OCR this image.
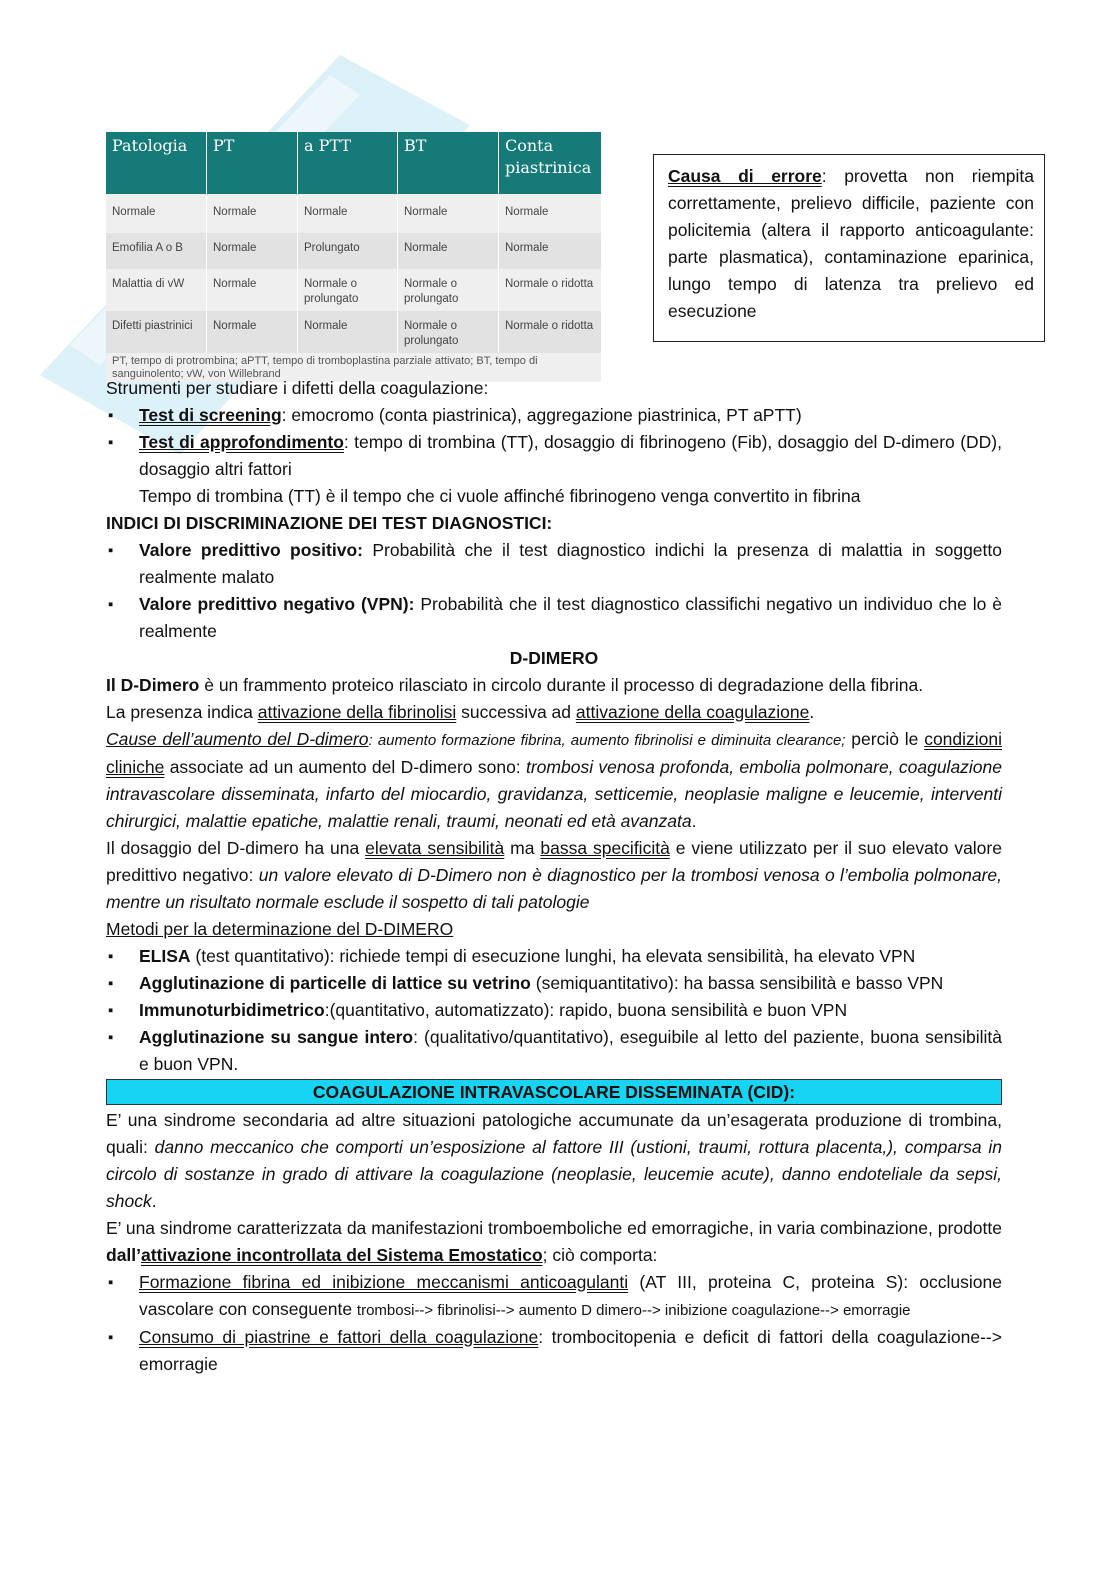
Patologia	PT	a PTT	BT	Conta piastrinica
Normale	Normale	Normale	Normale	Normale
Emofilia A o B	Normale	Prolungato	Normale	Normale
Malattia di vW	Normale	Normale o prolungato	Normale o prolungato	Normale o ridotta
Difetti piastrinici	Normale	Normale	Normale o prolungato	Normale o ridotta
PT, tempo di protrombina; aPTT, tempo di tromboplastina parziale attivato; BT, tempo di sanguinolento; vW, von Willebrand				
Causa di errore: provetta non riempita correttamente, prelievo difficile, paziente con policitemia (altera il rapporto anticoagulante: parte plasmatica), contaminazione eparinica, lungo tempo di latenza tra prelievo ed esecuzione

Strumenti per studiare i difetti della coagulazione:

▪ Test di screening: emocromo (conta piastrinica), aggregazione piastrinica, PT aPTT)
▪ Test di approfondimento: tempo di trombina (TT), dosaggio di fibrinogeno (Fib), dosaggio del D-dimero (DD), dosaggio altri fattori

Tempo di trombina (TT) è il tempo che ci vuole affinché fibrinogeno venga convertito in fibrina

INDICI DI DISCRIMINAZIONE DEI TEST DIAGNOSTICI:

▪ Valore predittivo positivo: Probabilità che il test diagnostico indichi la presenza di malattia in soggetto realmente malato
▪ Valore predittivo negativo (VPN): Probabilità che il test diagnostico classifichi negativo un individuo che lo è realmente

D-DIMERO

Il D-Dimero è un frammento proteico rilasciato in circolo durante il processo di degradazione della fibrina.

La presenza indica attivazione della fibrinolisi successiva ad attivazione della coagulazione.

Cause dell’aumento del D-dimero: aumento formazione fibrina, aumento fibrinolisi e diminuita clearance; perciò le condizioni cliniche associate ad un aumento del D-dimero sono: trombosi venosa profonda, embolia polmonare, coagulazione intravascolare disseminata, infarto del miocardio, gravidanza, setticemie, neoplasie maligne e leucemie, interventi chirurgici, malattie epatiche, malattie renali, traumi, neonati ed età avanzata.

Il dosaggio del D-dimero ha una elevata sensibilità ma bassa specificità e viene utilizzato per il suo elevato valore predittivo negativo: un valore elevato di D-Dimero non è diagnostico per la trombosi venosa o l’embolia polmonare, mentre un risultato normale esclude il sospetto di tali patologie

Metodi per la determinazione del D-DIMERO

▪ ELISA (test quantitativo): richiede tempi di esecuzione lunghi, ha elevata sensibilità, ha elevato VPN
▪ Agglutinazione di particelle di lattice su vetrino (semiquantitativo): ha bassa sensibilità e basso VPN
▪ Immunoturbidimetrico:(quantitativo, automatizzato): rapido, buona sensibilità e buon VPN
▪ Agglutinazione su sangue intero: (qualitativo/quantitativo), eseguibile al letto del paziente, buona sensibilità e buon VPN.
COAGULAZIONE INTRAVASCOLARE DISSEMINATA (CID):

E’ una sindrome secondaria ad altre situazioni patologiche accumunate da un’esagerata produzione di trombina, quali: danno meccanico che comporti un’esposizione al fattore III (ustioni, traumi, rottura placenta,), comparsa in circolo di sostanze in grado di attivare la coagulazione (neoplasie, leucemie acute), danno endoteliale da sepsi, shock.

E’ una sindrome caratterizzata da manifestazioni tromboemboliche ed emorragiche, in varia combinazione, prodotte dall’attivazione incontrollata del Sistema Emostatico; ciò comporta:

▪ Formazione fibrina ed inibizione meccanismi anticoagulanti (AT III, proteina C, proteina S): occlusione vascolare con conseguente trombosi--> fibrinolisi--> aumento D dimero--> inibizione coagulazione--> emorragie
▪ Consumo di piastrine e fattori della coagulazione: trombocitopenia e deficit di fattori della coagulazione--> emorragie
